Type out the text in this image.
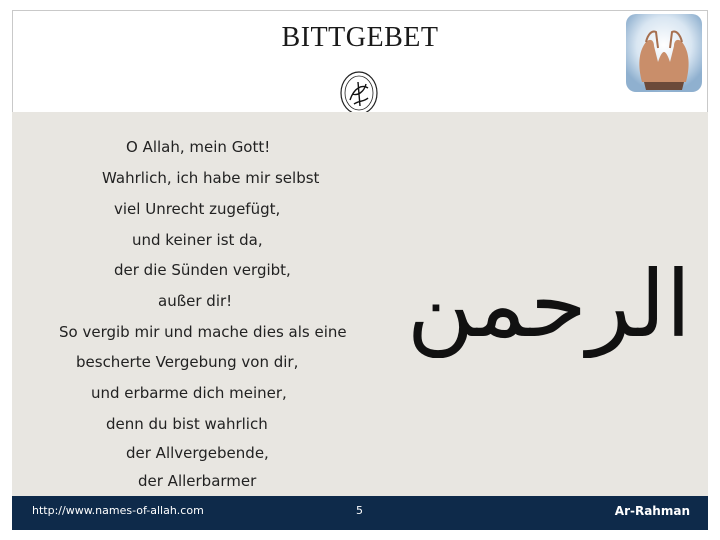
BITTGEBET
O Allah, mein Gott!
Wahrlich, ich habe mir selbst
viel Unrecht zugefügt,
und keiner ist da,
der die Sünden vergibt,
außer dir!
So vergib mir und mache dies als eine
bescherte Vergebung von dir,
und erbarme dich meiner,
denn du bist wahrlich
der Allvergebende,
der Allerbarmer
الرحمن
http://www.names-of-allah.com	5	Ar-Rahman
